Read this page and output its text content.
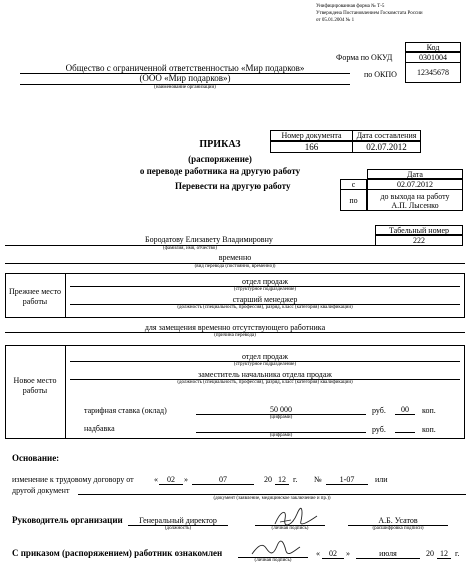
Унифицированная форма № Т-5
Утверждена Постановлением Госкомстата России
от 05.01.2004 № 1
Код
0301004
12345678
Форма по ОКУД
по ОКПО
Общество с ограниченной ответственностью «Мир подарков»
(ООО «Мир подарков»)
(наименование организации)
Номер документа	Дата составления
166	02.07.2012
ПРИКАЗ
(распоряжение)
о переводе работника на другую работу
Перевести на другую работу
Дата
с	02.07.2012
по	до выхода на работу
А.П. Лысенко
Табельный номер
222
Бородатову Елизавету Владимировну
(фамилия, имя, отчество)
временно
(вид перевода (постоянно, временно))
Прежнее место
работы
отдел продаж
(структурное подразделение)
старший менеджер
(должность (специальность, профессия), разряд, класс (категория) квалификации)
для замещения временно отсутствующего работника
(причина перевода)
Новое место
работы
отдел продаж
(структурное подразделение)
заместитель начальника отдела продаж
(должность (специальность, профессия), разряд, класс (категория) квалификации)
тарифная ставка (оклад)	50 000
(цифрами)
руб.	00	коп.
надбавка
(цифрами)
руб.	коп.
Основание:
изменение к трудовому договору от	«	02	»	07	20 12 г. №	1-07	или
другой документ
(документ (заявление, медицинское заключение и пр.))
Руководитель организации	Генеральный директор
(должность)	(личная подпись)
А.Б. Усатов
(расшифровка подписи)
С приказом (распоряжением) работник ознакомлен
(личная подпись)
«	02	»	июля	20 12 г.
